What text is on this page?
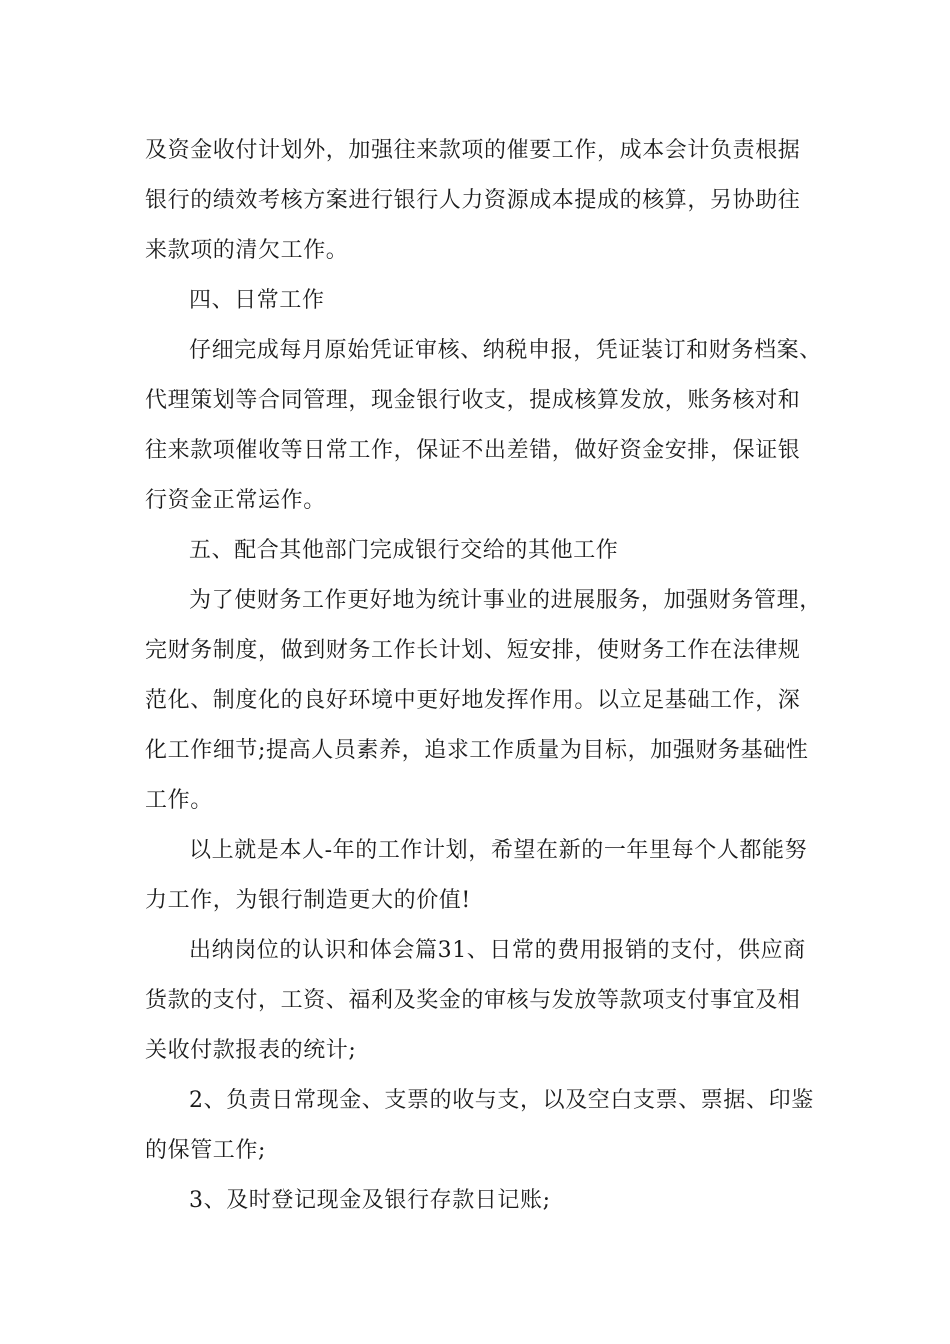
及资金收付计划外，加强往来款项的催要工作，成本会计负责根据
银行的绩效考核方案进行银行人力资源成本提成的核算，另协助往
来款项的清欠工作。

四、日常工作

仔细完成每月原始凭证审核、纳税申报，凭证装订和财务档案、
代理策划等合同管理，现金银行收支，提成核算发放，账务核对和
往来款项催收等日常工作，保证不出差错，做好资金安排，保证银
行资金正常运作。

五、配合其他部门完成银行交给的其他工作

为了使财务工作更好地为统计事业的进展服务，加强财务管理，
完财务制度，做到财务工作长计划、短安排，使财务工作在法律规
范化、制度化的良好环境中更好地发挥作用。以立足基础工作，深
化工作细节;提高人员素养，追求工作质量为目标，加强财务基础性
工作。

以上就是本人-年的工作计划，希望在新的一年里每个人都能努
力工作，为银行制造更大的价值!

出纳岗位的认识和体会篇31、日常的费用报销的支付，供应商
货款的支付，工资、福利及奖金的审核与发放等款项支付事宜及相
关收付款报表的统计;

2、负责日常现金、支票的收与支，以及空白支票、票据、印鉴
的保管工作;

3、及时登记现金及银行存款日记账;
